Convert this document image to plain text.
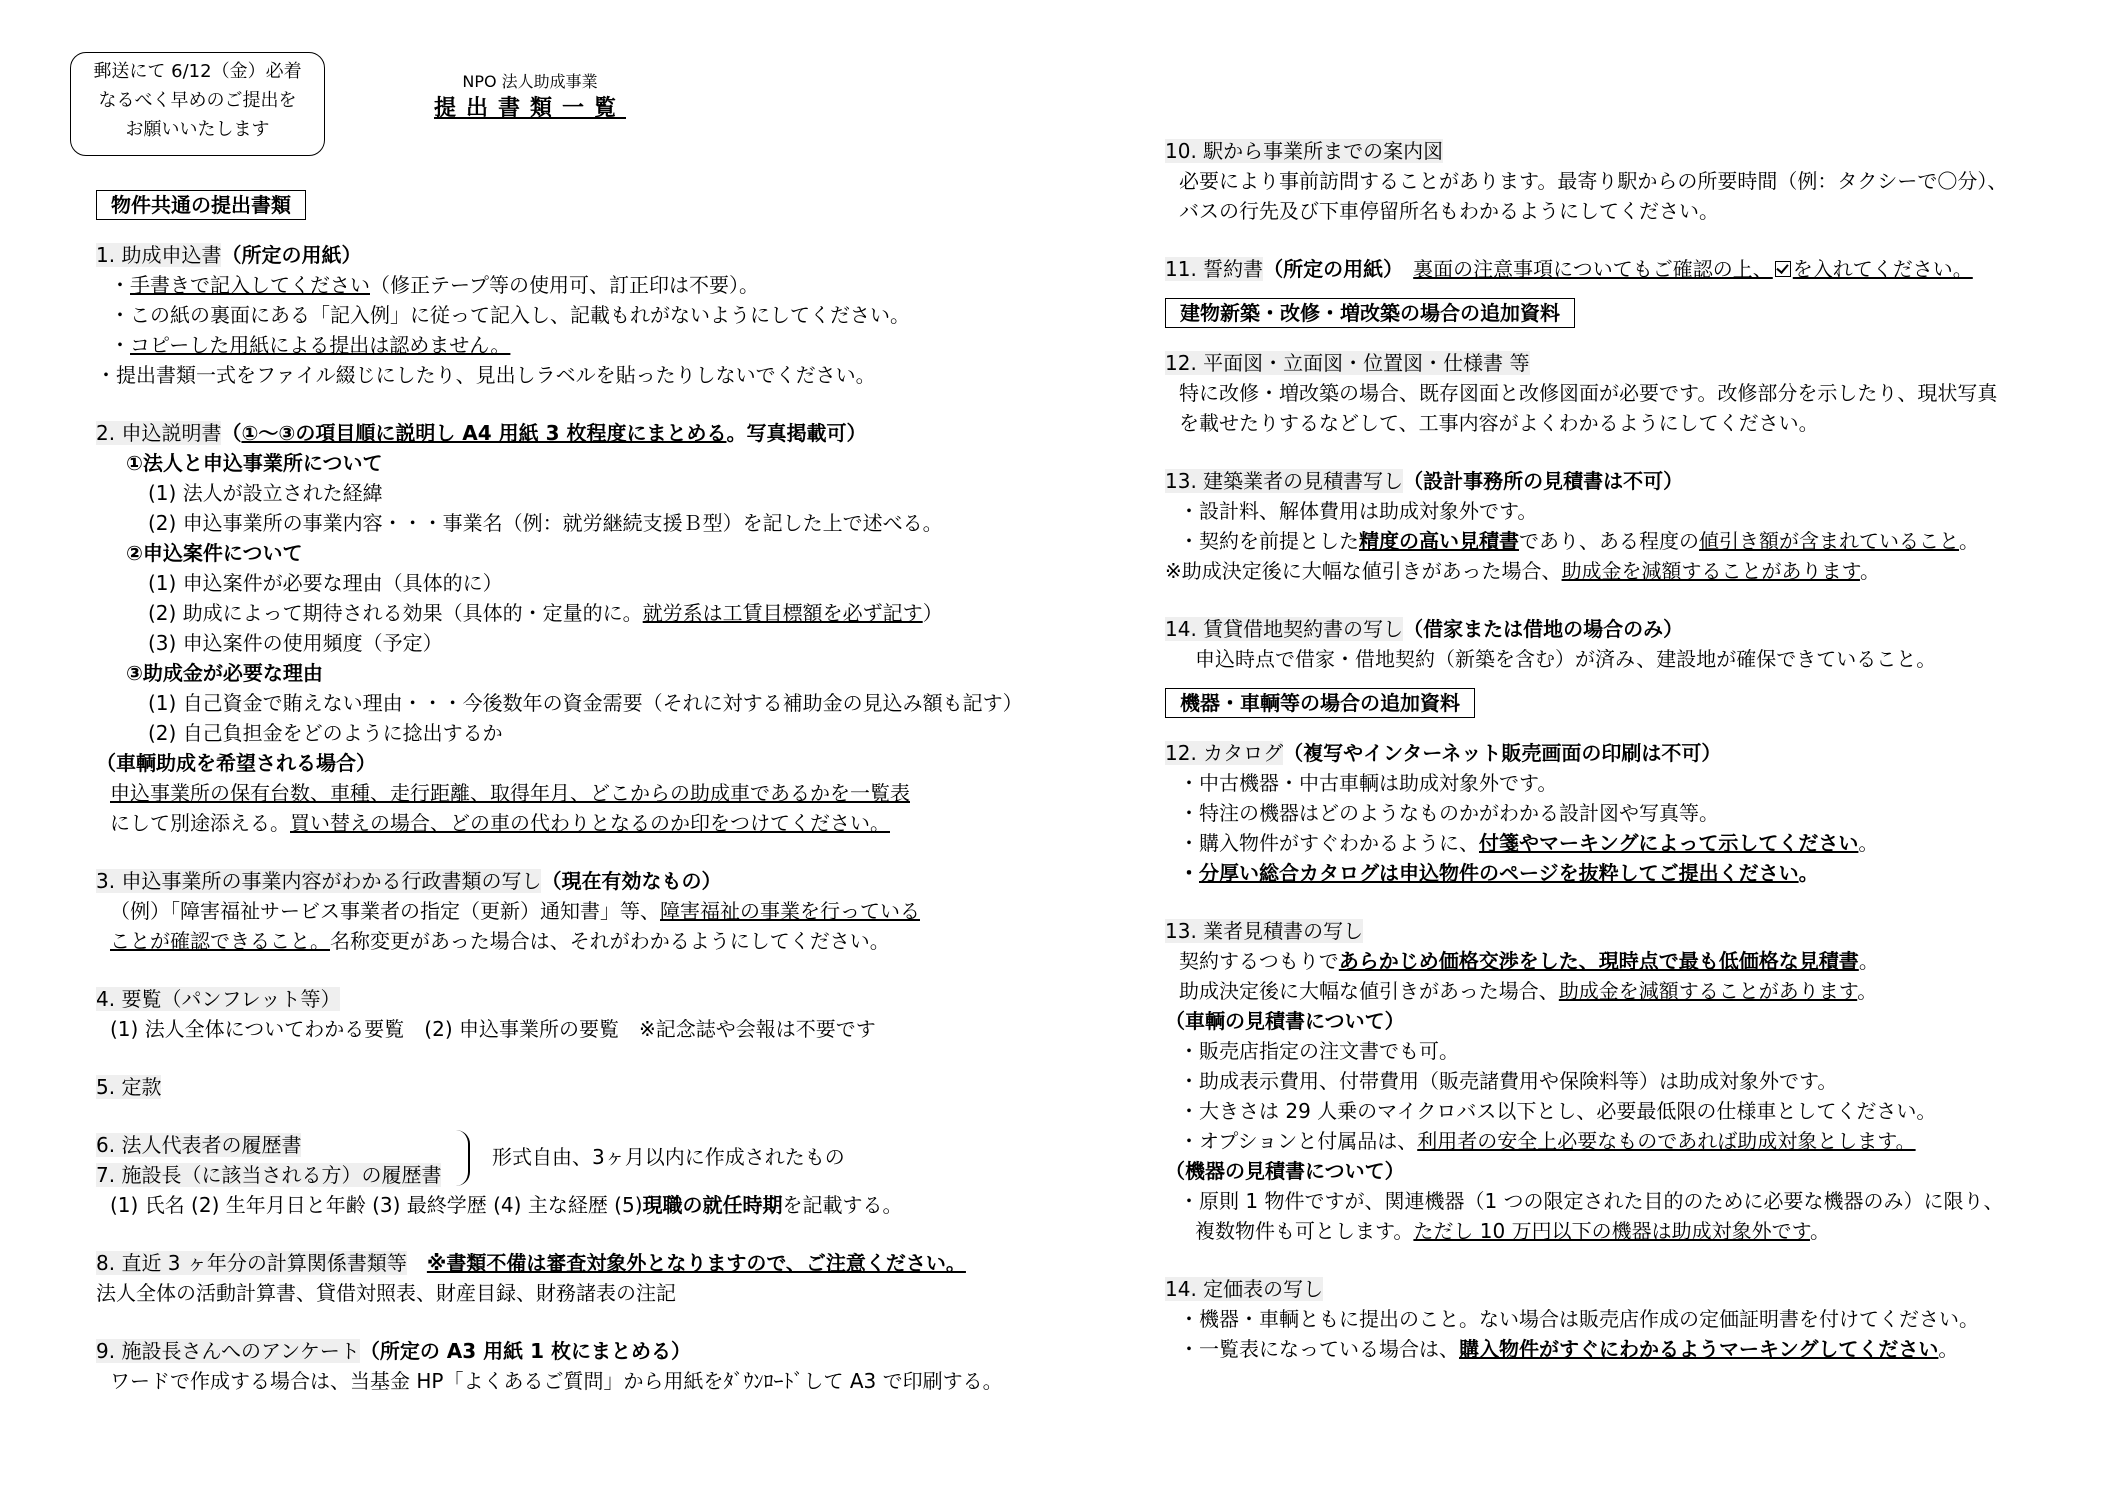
郵送にて 6/12（金）必着
なるべく早めのご提出を
お願いいたします
NPO 法人助成事業
提出書類一覧
物件共通の提出書類
1. 助成申込書（所定の用紙）
・手書きで記入してください（修正テープ等の使用可、訂正印は不要）。
・この紙の裏面にある「記入例」に従って記入し、記載もれがないようにしてください。
・コピーした用紙による提出は認めません。
・提出書類一式をファイル綴じにしたり、見出しラベルを貼ったりしないでください。
2. 申込説明書（①～③の項目順に説明し A4 用紙 3 枚程度にまとめる。写真掲載可）
①法人と申込事業所について
(1) 法人が設立された経緯
(2) 申込事業所の事業内容・・・事業名（例：就労継続支援Ｂ型）を記した上で述べる。
②申込案件について
(1) 申込案件が必要な理由（具体的に）
(2) 助成によって期待される効果（具体的・定量的に。就労系は工賃目標額を必ず記す）
(3) 申込案件の使用頻度（予定）
③助成金が必要な理由
(1) 自己資金で賄えない理由・・・今後数年の資金需要（それに対する補助金の見込み額も記す）
(2) 自己負担金をどのように捻出するか
（車輌助成を希望される場合）
申込事業所の保有台数、車種、走行距離、取得年月、どこからの助成車であるかを一覧表
にして別途添える。買い替えの場合、どの車の代わりとなるのか印をつけてください。
3. 申込事業所の事業内容がわかる行政書類の写し（現在有効なもの）
（例）「障害福祉サービス事業者の指定（更新）通知書」等、障害福祉の事業を行っている
ことが確認できること。名称変更があった場合は、それがわかるようにしてください。
4. 要覧（パンフレット等）
(1) 法人全体についてわかる要覧　(2) 申込事業所の要覧　※記念誌や会報は不要です
5. 定款
6. 法人代表者の履歴書
7. 施設長（に該当される方）の履歴書
形式自由、3ヶ月以内に作成されたもの
(1) 氏名 (2) 生年月日と年齢 (3) 最終学歴 (4) 主な経歴 (5)現職の就任時期を記載する。
8. 直近 3 ヶ年分の計算関係書類等　 ※書類不備は審査対象外となりますので、ご注意ください。
法人全体の活動計算書、貸借対照表、財産目録、財務諸表の注記
9. 施設長さんへのアンケート（所定の A3 用紙 1 枚にまとめる）
ワードで作成する場合は、当基金 HP「よくあるご質問」から用紙をﾀﾞｳﾝﾛｰﾄﾞして A3 で印刷する。
10. 駅から事業所までの案内図
必要により事前訪問することがあります。最寄り駅からの所要時間（例：タクシーで〇分）、
バスの行先及び下車停留所名もわかるようにしてください。
11. 誓約書（所定の用紙）　 裏面の注意事項についてもご確認の上、 を入れてください。
建物新築・改修・増改築の場合の追加資料
12. 平面図・立面図・位置図・仕様書 等
特に改修・増改築の場合、既存図面と改修図面が必要です。改修部分を示したり、現状写真
を載せたりするなどして、工事内容がよくわかるようにしてください。
13. 建築業者の見積書写し（設計事務所の見積書は不可）
・設計料、解体費用は助成対象外です。
・契約を前提とした精度の高い見積書であり、ある程度の値引き額が含まれていること。
※助成決定後に大幅な値引きがあった場合、助成金を減額することがあります。
14. 賃貸借地契約書の写し（借家または借地の場合のみ）
申込時点で借家・借地契約（新築を含む）が済み、建設地が確保できていること。
機器・車輌等の場合の追加資料
12. カタログ（複写やインターネット販売画面の印刷は不可）
・中古機器・中古車輌は助成対象外です。
・特注の機器はどのようなものかがわかる設計図や写真等。
・購入物件がすぐわかるように、付箋やマーキングによって示してください。
・分厚い総合カタログは申込物件のページを抜粋してご提出ください。
13. 業者見積書の写し
契約するつもりであらかじめ価格交渉をした、現時点で最も低価格な見積書。
助成決定後に大幅な値引きがあった場合、助成金を減額することがあります。
（車輌の見積書について）
・販売店指定の注文書でも可。
・助成表示費用、付帯費用（販売諸費用や保険料等）は助成対象外です。
・大きさは 29 人乗のマイクロバス以下とし、必要最低限の仕様車としてください。
・オプションと付属品は、利用者の安全上必要なものであれば助成対象とします。
（機器の見積書について）
・原則 1 物件ですが、関連機器（1 つの限定された目的のために必要な機器のみ）に限り、
複数物件も可とします。ただし 10 万円以下の機器は助成対象外です。
14. 定価表の写し
・機器・車輌ともに提出のこと。ない場合は販売店作成の定価証明書を付けてください。
・一覧表になっている場合は、購入物件がすぐにわかるようマーキングしてください。
